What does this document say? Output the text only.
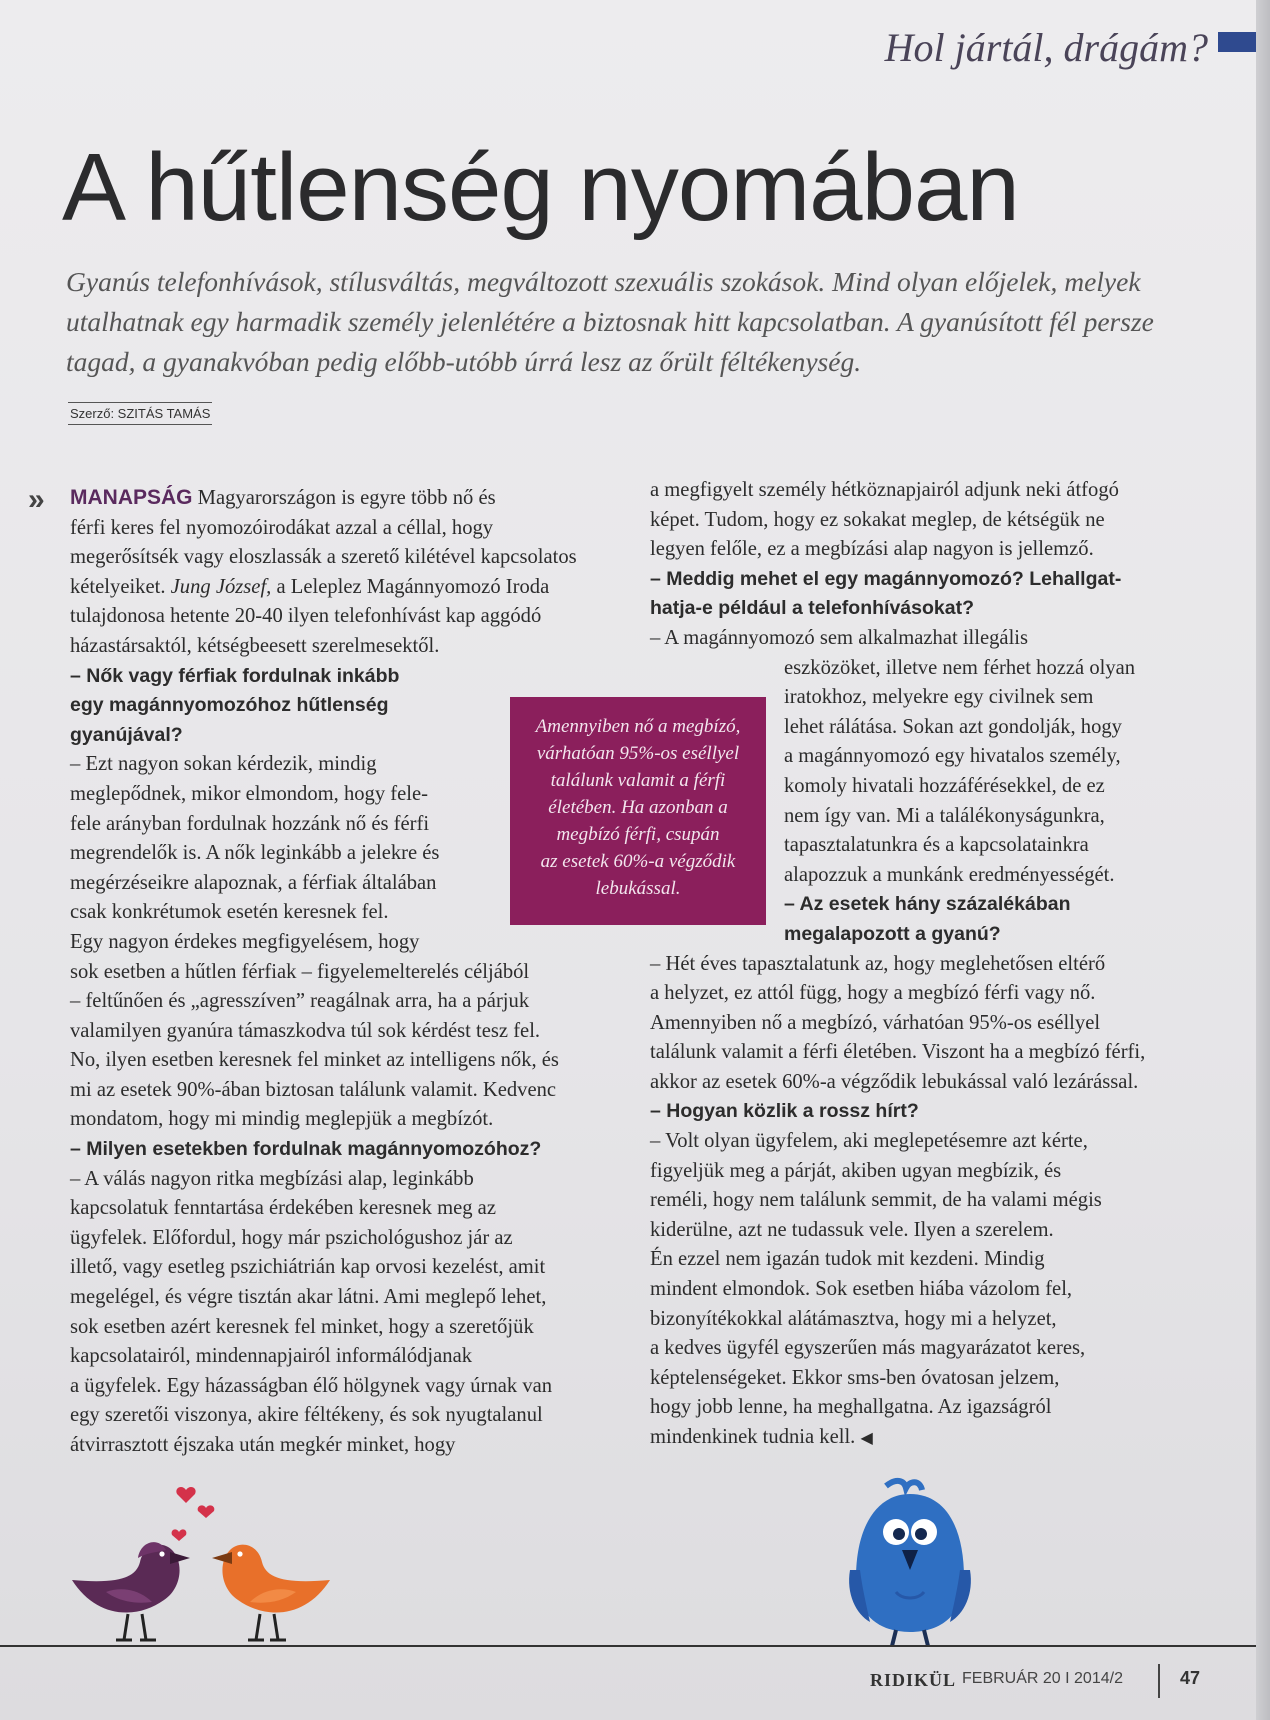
Hol jártál, drágám?
A hűtlenség nyomában

Gyanús telefonhívások, stílusváltás, megváltozott szexuális szokások. Mind olyan előjelek, melyek utalhatnak egy harmadik személy jelenlétére a biztosnak hitt kapcsolatban. A gyanúsított fél persze tagad, a gyanakvóban pedig előbb-utóbb úrrá lesz az őrült féltékenység.

Szerző: SZITÁS TAMÁS
» MANAPSÁG Magyarországon is egyre több nő és
férfi keres fel nyomozóirodákat azzal a céllal, hogy
megerősítsék vagy eloszlassák a szerető kilétével kapcsolatos
kételyeiket. Jung József, a Leleplez Magánnyomozó Iroda
tulajdonosa hetente 20-40 ilyen telefonhívást kap aggódó
házastársaktól, kétségbeesett szerelmesektől.
– Nők vagy férfiak fordulnak inkább
egy magánnyomozóhoz hűtlenség
gyanújával?
– Ezt nagyon sokan kérdezik, mindig
meglepődnek, mikor elmondom, hogy fele-
fele arányban fordulnak hozzánk nő és férfi
megrendelők is. A nők leginkább a jelekre és
megérzéseikre alapoznak, a férfiak általában
csak konkrétumok esetén keresnek fel.
Egy nagyon érdekes megfigyelésem, hogy
sok esetben a hűtlen férfiak – figyelemelterelés céljából
– feltűnően és „agresszíven” reagálnak arra, ha a párjuk
valamilyen gyanúra támaszkodva túl sok kérdést tesz fel.
No, ilyen esetben keresnek fel minket az intelligens nők, és
mi az esetek 90%-ában biztosan találunk valamit. Kedvenc
mondatom, hogy mi mindig meglepjük a megbízót.
– Milyen esetekben fordulnak magánnyomozóhoz?
– A válás nagyon ritka megbízási alap, leginkább
kapcsolatuk fenntartása érdekében keresnek meg az
ügyfelek. Előfordul, hogy már pszichológushoz jár az
illető, vagy esetleg pszichiátrián kap orvosi kezelést, amit
megelégel, és végre tisztán akar látni. Ami meglepő lehet,
sok esetben azért keresnek fel minket, hogy a szeretőjük
kapcsolatairól, mindennapjairól informálódjanak
a ügyfelek. Egy házasságban élő hölgynek vagy úrnak van
egy szeretői viszonya, akire féltékeny, és sok nyugtalanul
átvirrasztott éjszaka után megkér minket, hogy
Amennyiben nő a megbízó,
várhatóan 95%-os eséllyel
találunk valamit a férfi
életében. Ha azonban a
megbízó férfi, csupán
az esetek 60%-a végződik
lebukással.
a megfigyelt személy hétköznapjairól adjunk neki átfogó
képet. Tudom, hogy ez sokakat meglep, de kétségük ne
legyen felőle, ez a megbízási alap nagyon is jellemző.
– Meddig mehet el egy magánnyomozó? Lehallgat-
hatja-e például a telefonhívásokat?
– A magánnyomozó sem alkalmazhat illegális
eszközöket, illetve nem férhet hozzá olyan
iratokhoz, melyekre egy civilnek sem
lehet rálátása. Sokan azt gondolják, hogy
a magánnyomozó egy hivatalos személy,
komoly hivatali hozzáférésekkel, de ez
nem így van. Mi a találékonyságunkra,
tapasztalatunkra és a kapcsolatainkra
alapozzuk a munkánk eredményességét.
– Az esetek hány százalékában
megalapozott a gyanú?
– Hét éves tapasztalatunk az, hogy meglehetősen eltérő
a helyzet, ez attól függ, hogy a megbízó férfi vagy nő.
Amennyiben nő a megbízó, várhatóan 95%-os eséllyel
találunk valamit a férfi életében. Viszont ha a megbízó férfi,
akkor az esetek 60%-a végződik lebukással való lezárással.
– Hogyan közlik a rossz hírt?
– Volt olyan ügyfelem, aki meglepetésemre azt kérte,
figyeljük meg a párját, akiben ugyan megbízik, és
reméli, hogy nem találunk semmit, de ha valami mégis
kiderülne, azt ne tudassuk vele. Ilyen a szerelem.
Én ezzel nem igazán tudok mit kezdeni. Mindig
mindent elmondok. Sok esetben hiába vázolom fel,
bizonyítékokkal alátámasztva, hogy mi a helyzet,
a kedves ügyfél egyszerűen más magyarázatot keres,
képtelenségeket. Ekkor sms-ben óvatosan jelzem,
hogy jobb lenne, ha meghallgatna. Az igazságról
mindenkinek tudnia kell. ◀
RIDIKÜL FEBRUÁR 20 I 2014/2	47
